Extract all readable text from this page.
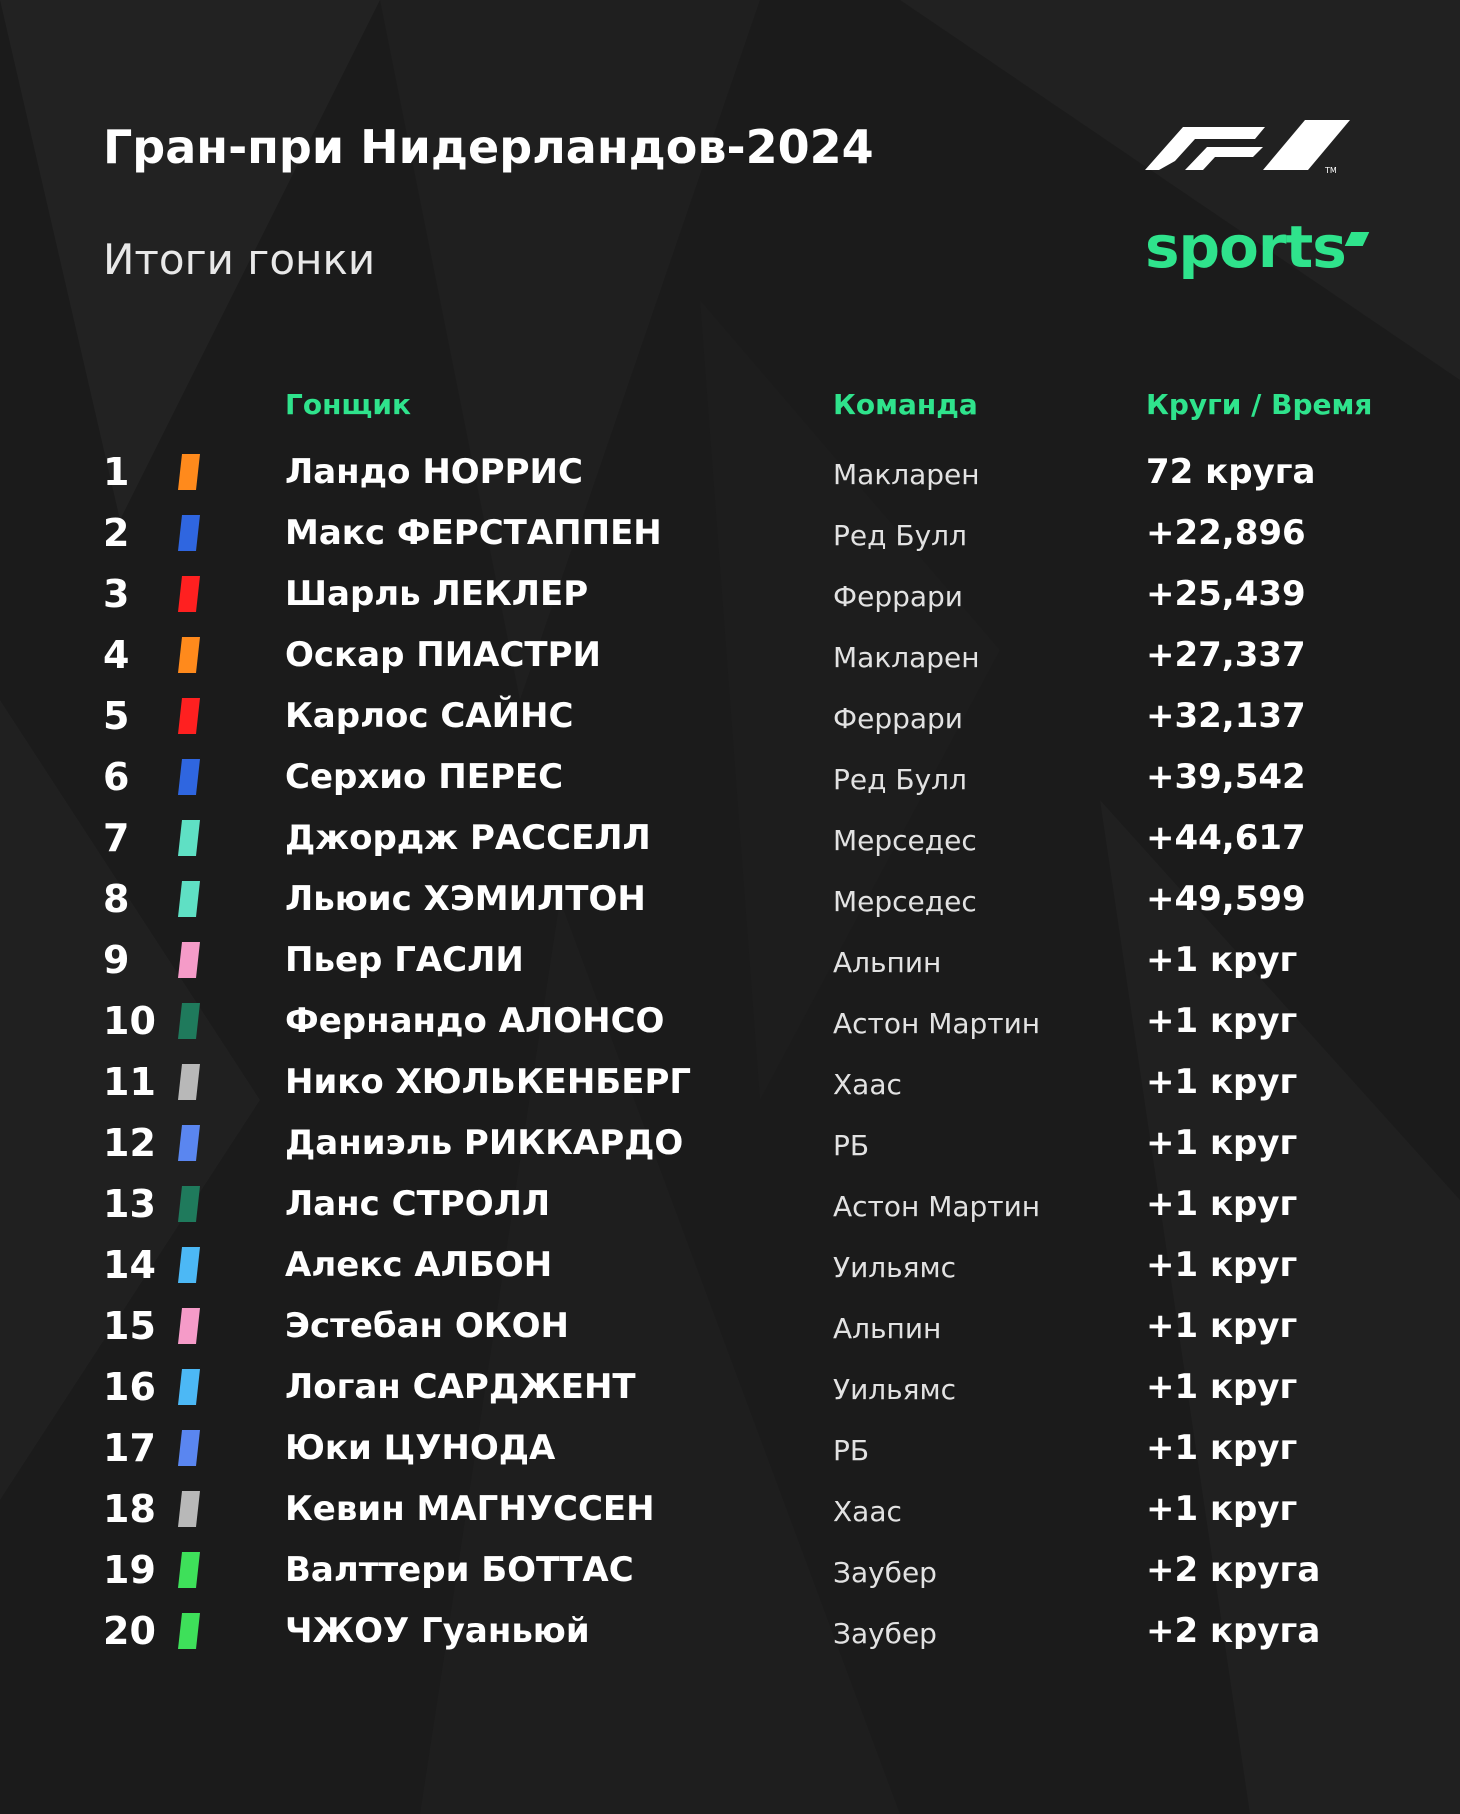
Гран-при Нидерландов-2024
Итоги гонки
TM
sports
Гонщик	Команда	Круги / Время
1	Ландо НОРРИС	Макларен	72 круга
2	Макс ФЕРСТАППЕН	Ред Булл	+22,896
3	Шарль ЛЕКЛЕР	Феррари	+25,439
4	Оскар ПИАСТРИ	Макларен	+27,337
5	Карлос САЙНС	Феррари	+32,137
6	Серхио ПЕРЕС	Ред Булл	+39,542
7	Джордж РАССЕЛЛ	Мерседес	+44,617
8	Льюис ХЭМИЛТОН	Мерседес	+49,599
9	Пьер ГАСЛИ	Альпин	+1 круг
10	Фернандо АЛОНСО	Астон Мартин	+1 круг
11	Нико ХЮЛЬКЕНБЕРГ	Хаас	+1 круг
12	Даниэль РИККАРДО	РБ	+1 круг
13	Ланс СТРОЛЛ	Астон Мартин	+1 круг
14	Алекс АЛБОН	Уильямс	+1 круг
15	Эстебан ОКОН	Альпин	+1 круг
16	Логан САРДЖЕНТ	Уильямс	+1 круг
17	Юки ЦУНОДА	РБ	+1 круг
18	Кевин МАГНУССЕН	Хаас	+1 круг
19	Валттери БОТТАС	Заубер	+2 круга
20	ЧЖОУ Гуаньюй	Заубер	+2 круга
